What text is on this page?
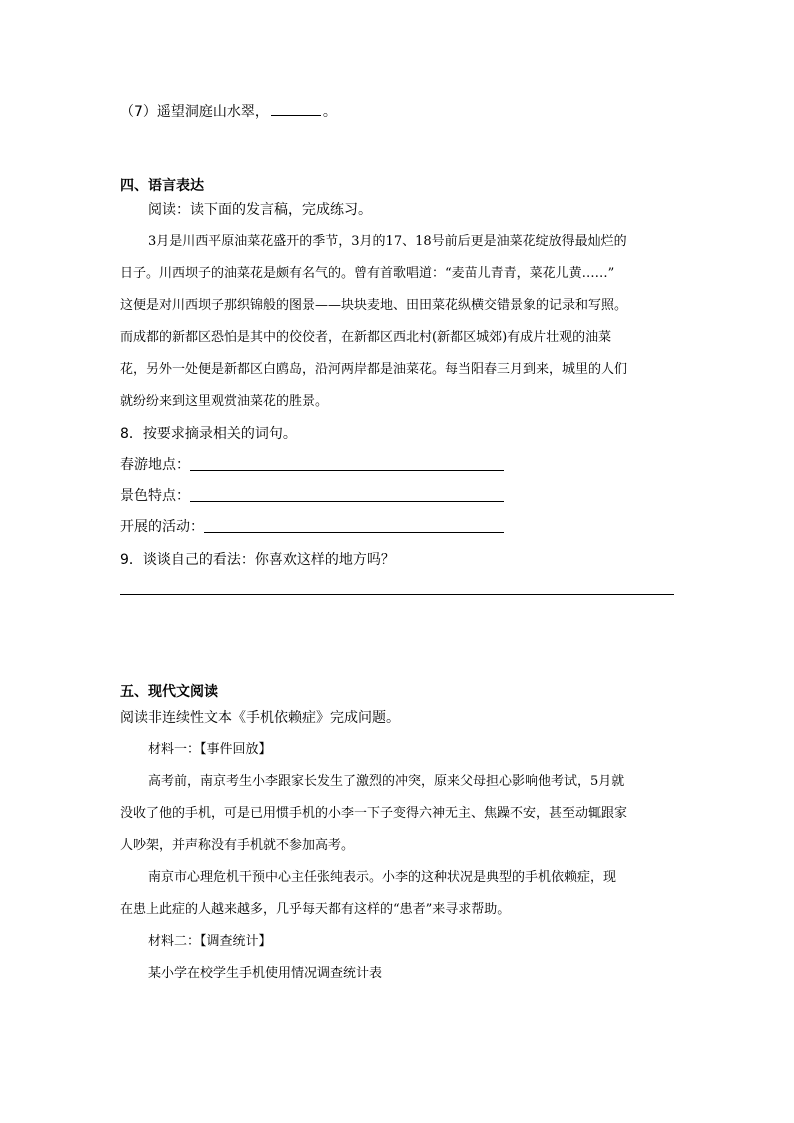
（7）遥望洞庭山水翠，	。
四、语言表达
阅读：读下面的发言稿，完成练习。
3月是川西平原油菜花盛开的季节，3月的17、18号前后更是油菜花绽放得最灿烂的
日子。川西坝子的油菜花是颇有名气的。曾有首歌唱道：“麦苗儿青青，菜花儿黄……”
这便是对川西坝子那织锦般的图景——块块麦地、田田菜花纵横交错景象的记录和写照。
而成都的新都区恐怕是其中的佼佼者，在新都区西北村(新都区城郊)有成片壮观的油菜
花，另外一处便是新都区白鸥岛，沿河两岸都是油菜花。每当阳春三月到来，城里的人们
就纷纷来到这里观赏油菜花的胜景。
8．按要求摘录相关的词句。
春游地点：
景色特点：
开展的活动：
9．谈谈自己的看法：你喜欢这样的地方吗？
五、现代文阅读
阅读非连续性文本《手机依赖症》完成问题。
材料一：【事件回放】
高考前，南京考生小李跟家长发生了激烈的冲突，原来父母担心影响他考试，5月就
没收了他的手机，可是已用惯手机的小李一下子变得六神无主、焦躁不安，甚至动辄跟家
人吵架，并声称没有手机就不参加高考。
南京市心理危机干预中心主任张纯表示。小李的这种状况是典型的手机依赖症，现
在患上此症的人越来越多，几乎每天都有这样的“患者”来寻求帮助。
材料二：【调查统计】
某小学在校学生手机使用情况调查统计表
